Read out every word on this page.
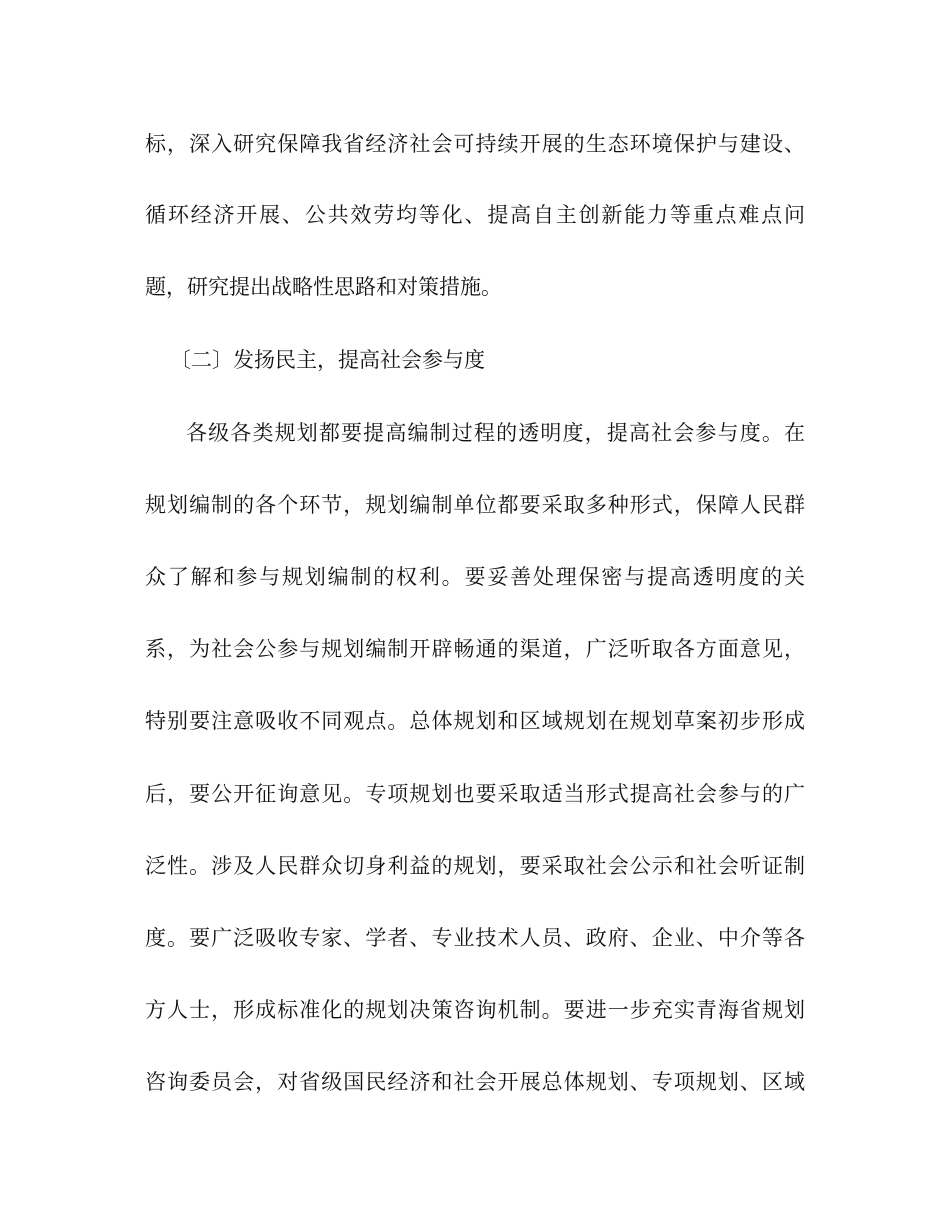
标，深入研究保障我省经济社会可持续开展的生态环境保护与建设、
循环经济开展、公共效劳均等化、提高自主创新能力等重点难点问
题，研究提出战略性思路和对策措施。
〔二〕发扬民主，提高社会参与度
各级各类规划都要提高编制过程的透明度，提高社会参与度。在
规划编制的各个环节，规划编制单位都要采取多种形式，保障人民群
众了解和参与规划编制的权利。要妥善处理保密与提高透明度的关
系，为社会公参与规划编制开辟畅通的渠道，广泛听取各方面意见，
特别要注意吸收不同观点。总体规划和区域规划在规划草案初步形成
后，要公开征询意见。专项规划也要采取适当形式提高社会参与的广
泛性。涉及人民群众切身利益的规划，要采取社会公示和社会听证制
度。要广泛吸收专家、学者、专业技术人员、政府、企业、中介等各
方人士，形成标准化的规划决策咨询机制。要进一步充实青海省规划
咨询委员会，对省级国民经济和社会开展总体规划、专项规划、区域
